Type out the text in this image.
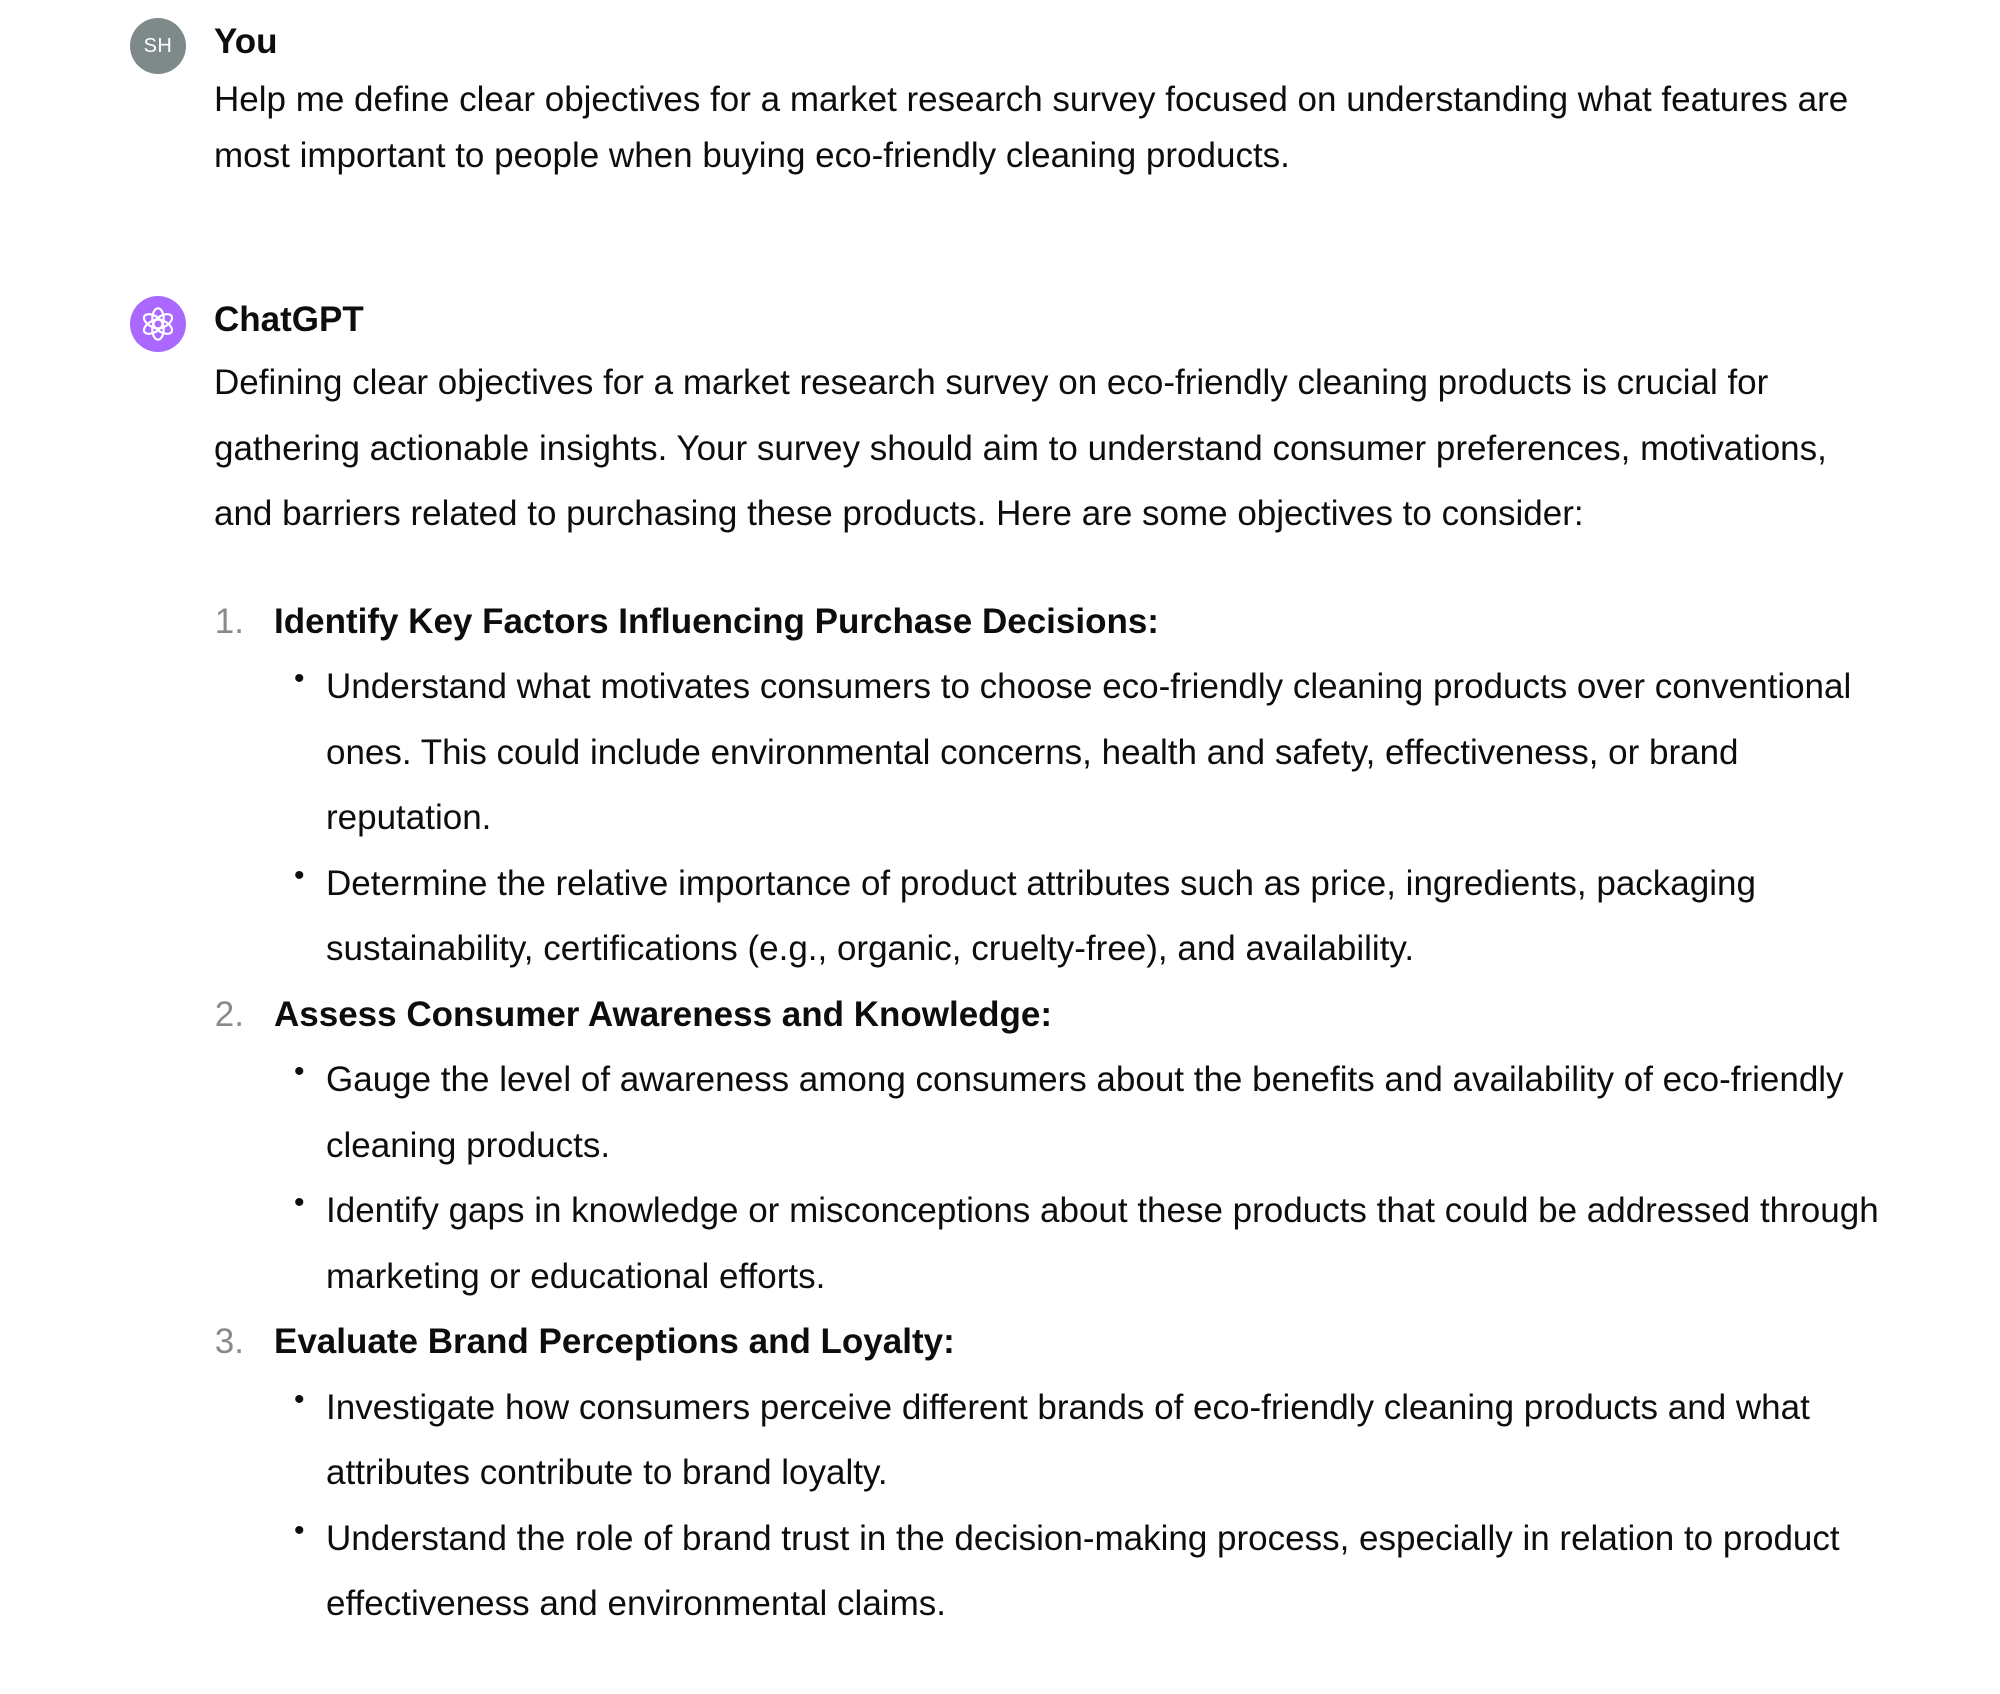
SH	You

Help me define clear objectives for a market research survey focused on understanding what features are most important to people when buying eco-friendly cleaning products.

ChatGPT

Defining clear objectives for a market research survey on eco-friendly cleaning products is crucial for gathering actionable insights. Your survey should aim to understand consumer preferences, motivations, and barriers related to purchasing these products. Here are some objectives to consider:

1. Identify Key Factors Influencing Purchase Decisions:

• Understand what motivates consumers to choose eco-friendly cleaning products over conventional ones. This could include environmental concerns, health and safety, effectiveness, or brand reputation.
• Determine the relative importance of product attributes such as price, ingredients, packaging sustainability, certifications (e.g., organic, cruelty-free), and availability.
2. Assess Consumer Awareness and Knowledge:

• Gauge the level of awareness among consumers about the benefits and availability of eco-friendly cleaning products.
• Identify gaps in knowledge or misconceptions about these products that could be addressed through marketing or educational efforts.
3. Evaluate Brand Perceptions and Loyalty:

• Investigate how consumers perceive different brands of eco-friendly cleaning products and what attributes contribute to brand loyalty.
• Understand the role of brand trust in the decision-making process, especially in relation to product effectiveness and environmental claims.
